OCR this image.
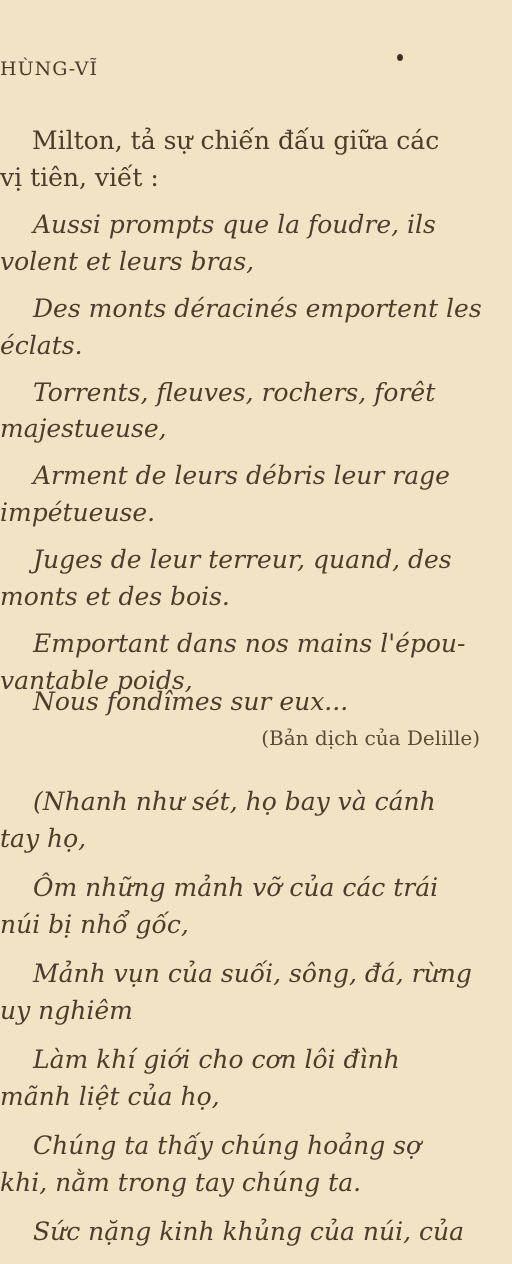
HÙNG-VĨ
Milton, tả sự chiến đấu giữa các
vị tiên, viết :
Aussi prompts que la foudre, ils
volent et leurs bras,
Des monts déracinés emportent les
éclats.
Torrents, fleuves, rochers, forêt
majestueuse,
Arment de leurs débris leur rage
impétueuse.
Juges de leur terreur, quand, des
monts et des bois.
Emportant dans nos mains l'épou-
vantable poids,
Nous fondîmes sur eux...
(Bản dịch của Delille)
(Nhanh như sét, họ bay và cánh
tay họ,
Ôm những mảnh vỡ của các trái
núi bị nhổ gốc,
Mảnh vụn của suối, sông, đá, rừng
uy nghiêm
Làm khí giới cho cơn lôi đình
mãnh liệt của họ,
Chúng ta thấy chúng hoảng sợ
khi, nằm trong tay chúng ta.
Sức nặng kinh khủng của núi, của
